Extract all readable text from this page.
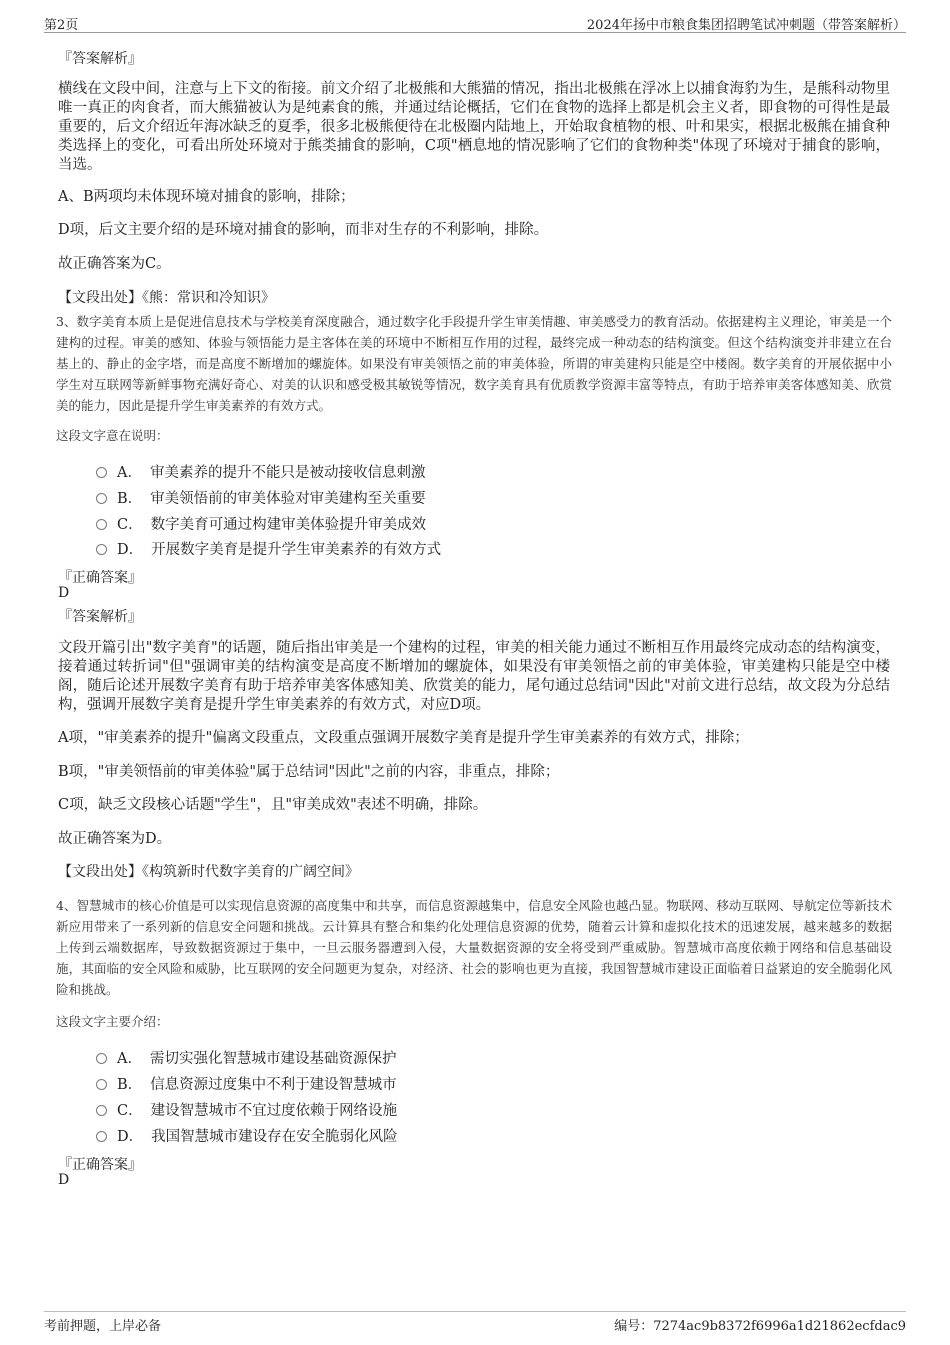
第2页	2024年扬中市粮食集团招聘笔试冲刺题（带答案解析）
『答案解析』
横线在文段中间，注意与上下文的衔接。前文介绍了北极熊和大熊猫的情况，指出北极熊在浮冰上以捕食海豹为生，是熊科动物里唯一真正的肉食者，而大熊猫被认为是纯素食的熊，并通过结论概括，它们在食物的选择上都是机会主义者，即食物的可得性是最重要的，后文介绍近年海冰缺乏的夏季，很多北极熊便待在北极圈内陆地上，开始取食植物的根、叶和果实，根据北极熊在捕食种类选择上的变化，可看出所处环境对于熊类捕食的影响，C项"栖息地的情况影响了它们的食物种类"体现了环境对于捕食的影响，当选。
A、B两项均未体现环境对捕食的影响，排除；
D项，后文主要介绍的是环境对捕食的影响，而非对生存的不利影响，排除。
故正确答案为C。
【文段出处】《熊：常识和冷知识》
3、数字美育本质上是促进信息技术与学校美育深度融合，通过数字化手段提升学生审美情趣、审美感受力的教育活动。依据建构主义理论，审美是一个建构的过程。审美的感知、体验与领悟能力是主客体在美的环境中不断相互作用的过程，最终完成一种动态的结构演变。但这个结构演变并非建立在台基上的、静止的金字塔，而是高度不断增加的螺旋体。如果没有审美领悟之前的审美体验，所谓的审美建构只能是空中楼阁。数字美育的开展依据中小学生对互联网等新鲜事物充满好奇心、对美的认识和感受极其敏锐等情况，数字美育具有优质教学资源丰富等特点，有助于培养审美客体感知美、欣赏美的能力，因此是提升学生审美素养的有效方式。
这段文字意在说明：
A． 审美素养的提升不能只是被动接收信息刺激
B． 审美领悟前的审美体验对审美建构至关重要
C． 数字美育可通过构建审美体验提升审美成效
D． 开展数字美育是提升学生审美素养的有效方式
『正确答案』
D
『答案解析』
文段开篇引出"数字美育"的话题，随后指出审美是一个建构的过程，审美的相关能力通过不断相互作用最终完成动态的结构演变，接着通过转折词"但"强调审美的结构演变是高度不断增加的螺旋体，如果没有审美领悟之前的审美体验，审美建构只能是空中楼阁，随后论述开展数字美育有助于培养审美客体感知美、欣赏美的能力，尾句通过总结词"因此"对前文进行总结，故文段为分总结构，强调开展数字美育是提升学生审美素养的有效方式，对应D项。
A项，"审美素养的提升"偏离文段重点，文段重点强调开展数字美育是提升学生审美素养的有效方式，排除；
B项，"审美领悟前的审美体验"属于总结词"因此"之前的内容，非重点，排除；
C项，缺乏文段核心话题"学生"，且"审美成效"表述不明确，排除。
故正确答案为D。
【文段出处】《构筑新时代数字美育的广阔空间》
4、智慧城市的核心价值是可以实现信息资源的高度集中和共享，而信息资源越集中，信息安全风险也越凸显。物联网、移动互联网、导航定位等新技术新应用带来了一系列新的信息安全问题和挑战。云计算具有整合和集约化处理信息资源的优势，随着云计算和虚拟化技术的迅速发展，越来越多的数据上传到云端数据库，导致数据资源过于集中，一旦云服务器遭到入侵，大量数据资源的安全将受到严重威胁。智慧城市高度依赖于网络和信息基础设施，其面临的安全风险和威胁，比互联网的安全问题更为复杂，对经济、社会的影响也更为直接，我国智慧城市建设正面临着日益紧迫的安全脆弱化风险和挑战。
这段文字主要介绍：
A． 需切实强化智慧城市建设基础资源保护
B． 信息资源过度集中不利于建设智慧城市
C． 建设智慧城市不宜过度依赖于网络设施
D． 我国智慧城市建设存在安全脆弱化风险
『正确答案』
D
考前押题，上岸必备	编号：7274ac9b8372f6996a1d21862ecfdac9
